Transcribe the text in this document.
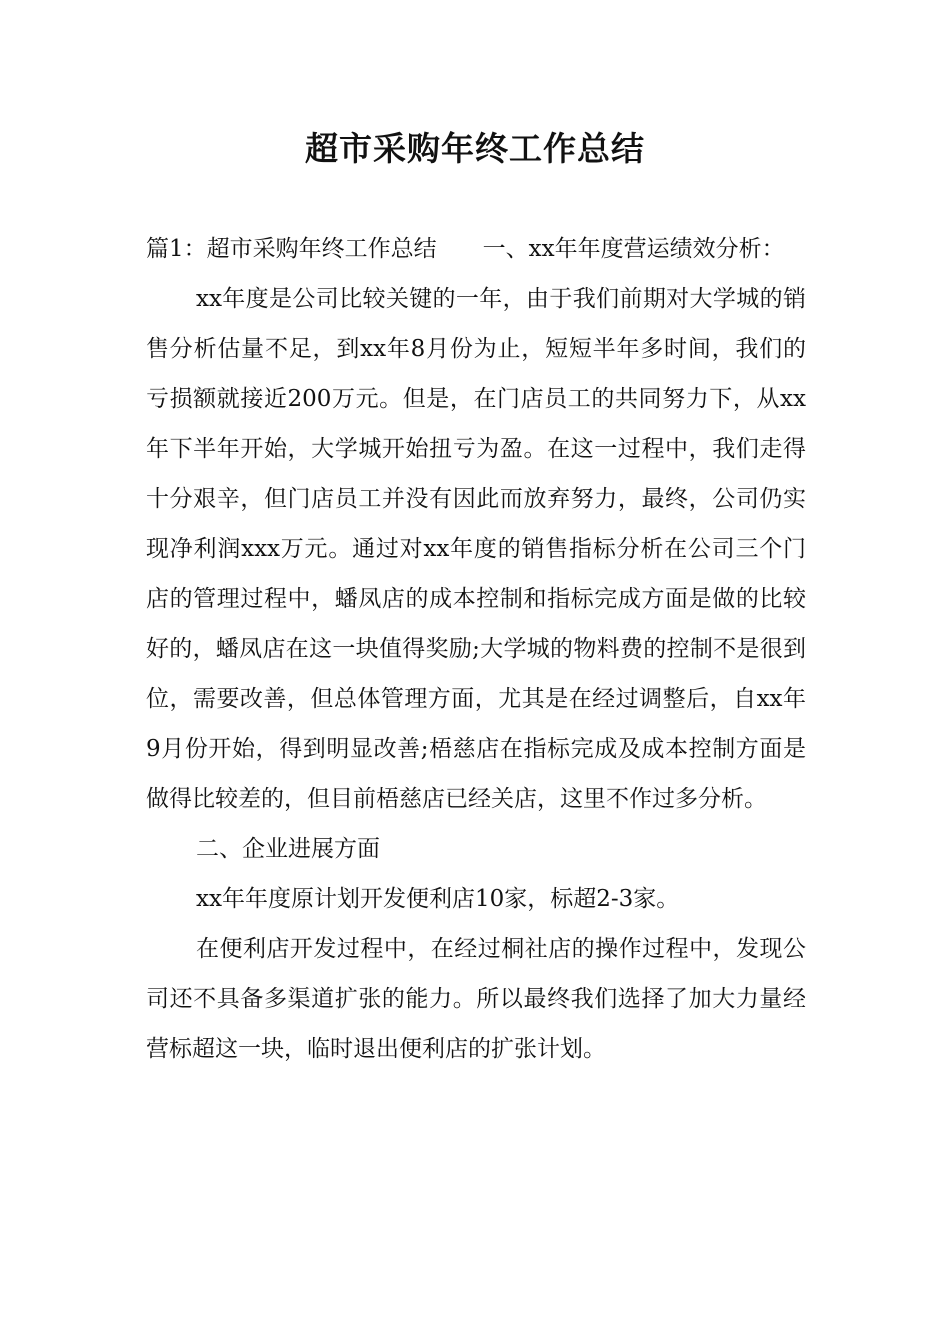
超市采购年终工作总结

篇1：超市采购年终工作总结 一、xx年年度营运绩效分析：

xx年度是公司比较关键的一年，由于我们前期对大学城的销售分析估量不足，到xx年8月份为止，短短半年多时间，我们的亏损额就接近200万元。但是，在门店员工的共同努力下，从xx年下半年开始，大学城开始扭亏为盈。在这一过程中，我们走得十分艰辛，但门店员工并没有因此而放弃努力，最终，公司仍实现净利润xxx万元。通过对xx年度的销售指标分析在公司三个门店的管理过程中，蟠凤店的成本控制和指标完成方面是做的比较好的，蟠凤店在这一块值得奖励;大学城的物料费的控制不是很到位，需要改善，但总体管理方面，尤其是在经过调整后，自xx年9月份开始，得到明显改善;梧慈店在指标完成及成本控制方面是做得比较差的，但目前梧慈店已经关店，这里不作过多分析。

二、企业进展方面

xx年年度原计划开发便利店10家，标超2-3家。

在便利店开发过程中，在经过桐社店的操作过程中，发现公司还不具备多渠道扩张的能力。所以最终我们选择了加大力量经营标超这一块，临时退出便利店的扩张计划。
